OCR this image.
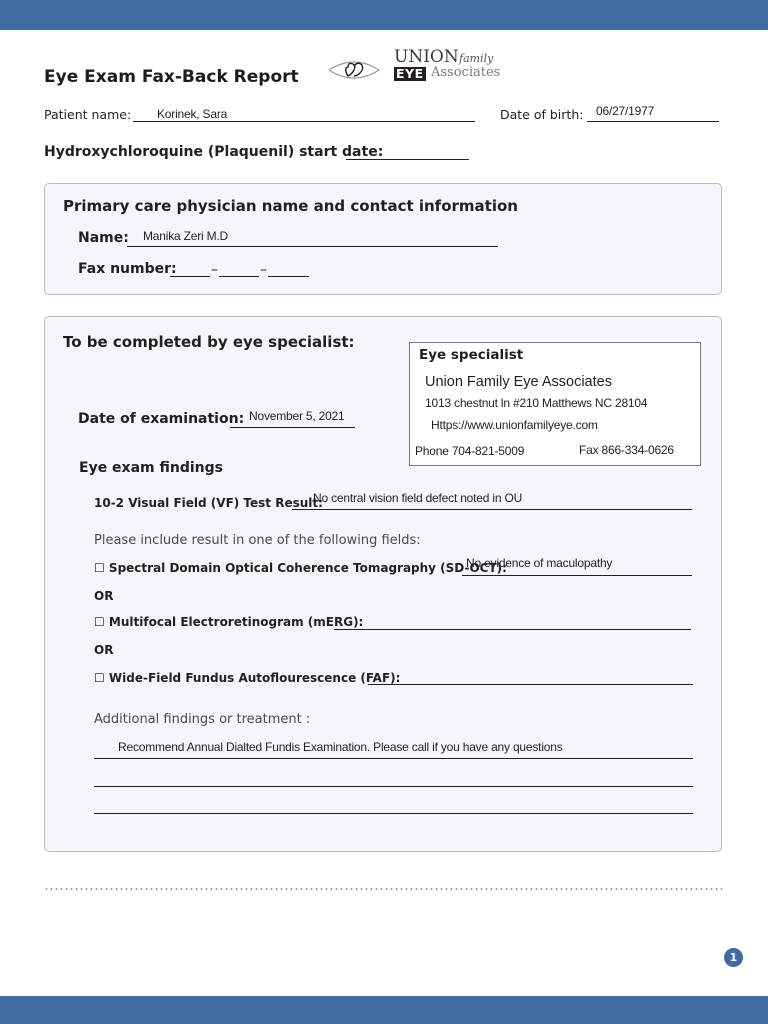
Eye Exam Fax-Back Report
UNION family
EYE Associates
Patient name: Korinek, Sara	Date of birth: 06/27/1977
Hydroxychloroquine (Plaquenil) start date:
Primary care physician name and contact information
Name: Manika Zeri M.D
Fax number: –	–
To be completed by eye specialist:
Eye specialist
Union Family Eye Associates
1013 chestnut ln #210 Matthews NC 28104
Https://www.unionfamilyeye.com
Phone 704-821-5009	Fax 866-334-0626
Date of examination: November 5, 2021
Eye exam findings
10-2 Visual Field (VF) Test Result:
No central vision field defect noted in OU
Please include result in one of the following fields:
☐ Spectral Domain Optical Coherence Tomagraphy (SD-OCT):
No evidence of maculopathy
OR
☐ Multifocal Electroretinogram (mERG):
OR
☐ Wide-Field Fundus Autoflourescence (FAF):
Additional findings or treatment :
Recommend Annual Dialted Fundis Examination. Please call if you have any questions
1
